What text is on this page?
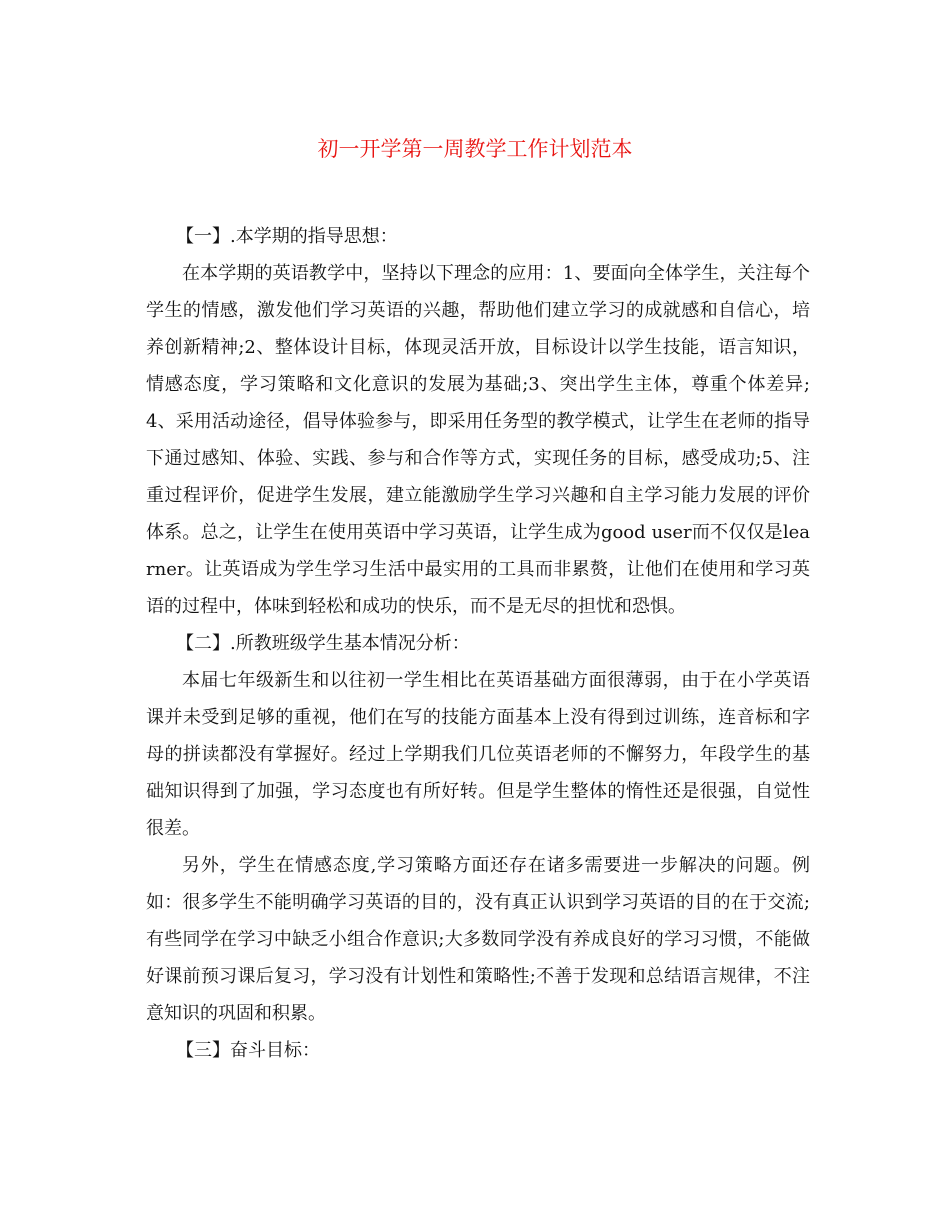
初一开学第一周教学工作计划范本

【一】.本学期的指导思想：

在本学期的英语教学中，坚持以下理念的应用：1、要面向全体学生，关注每个学生的情感，激发他们学习英语的兴趣，帮助他们建立学习的成就感和自信心，培养创新精神;2、整体设计目标，体现灵活开放，目标设计以学生技能，语言知识，情感态度，学习策略和文化意识的发展为基础;3、突出学生主体，尊重个体差异;4、采用活动途径，倡导体验参与，即采用任务型的教学模式，让学生在老师的指导下通过感知、体验、实践、参与和合作等方式，实现任务的目标，感受成功;5、注重过程评价，促进学生发展，建立能激励学生学习兴趣和自主学习能力发展的评价体系。总之，让学生在使用英语中学习英语，让学生成为good user而不仅仅是learner。让英语成为学生学习生活中最实用的工具而非累赘，让他们在使用和学习英语的过程中，体味到轻松和成功的快乐，而不是无尽的担忧和恐惧。

【二】.所教班级学生基本情况分析：

本届七年级新生和以往初一学生相比在英语基础方面很薄弱，由于在小学英语课并未受到足够的重视，他们在写的技能方面基本上没有得到过训练，连音标和字母的拼读都没有掌握好。经过上学期我们几位英语老师的不懈努力，年段学生的基础知识得到了加强，学习态度也有所好转。但是学生整体的惰性还是很强，自觉性很差。

另外，学生在情感态度,学习策略方面还存在诸多需要进一步解决的问题。例如：很多学生不能明确学习英语的目的，没有真正认识到学习英语的目的在于交流;有些同学在学习中缺乏小组合作意识;大多数同学没有养成良好的学习习惯，不能做好课前预习课后复习，学习没有计划性和策略性;不善于发现和总结语言规律，不注意知识的巩固和积累。

【三】奋斗目标：
